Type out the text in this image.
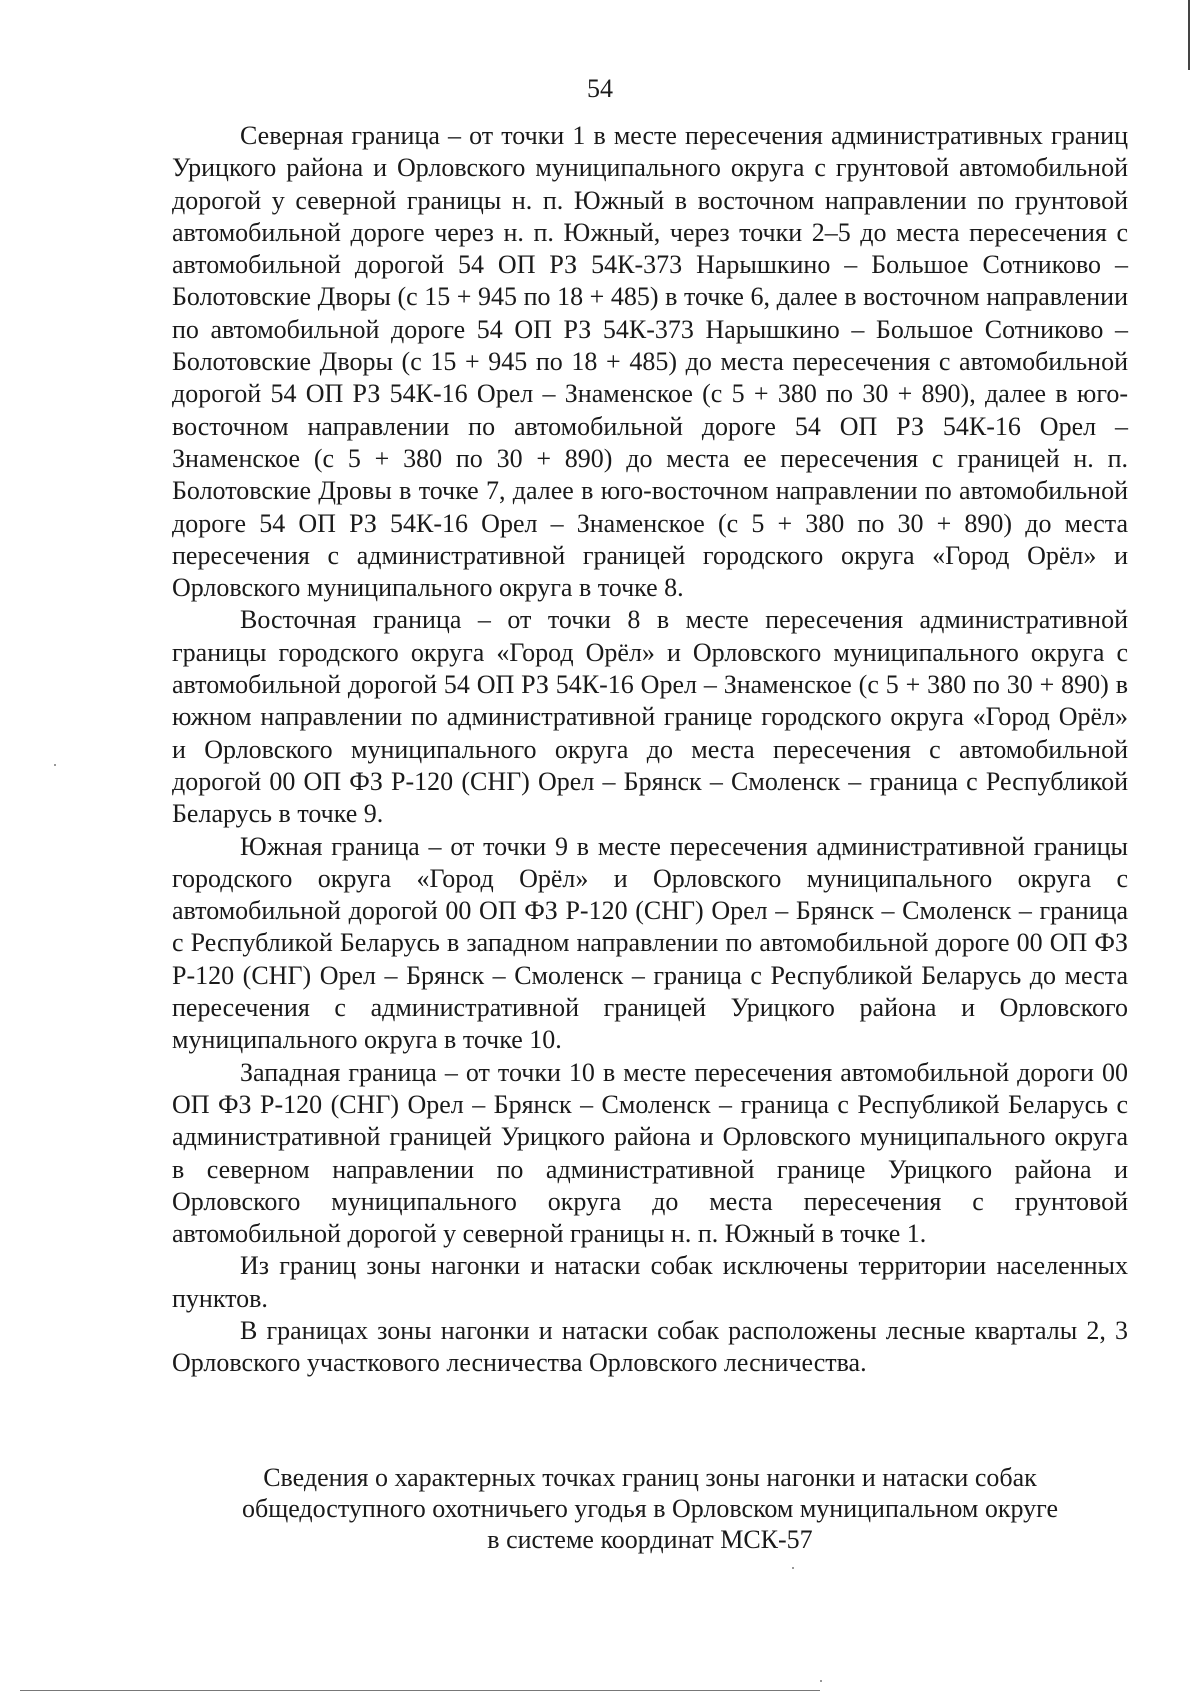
54

Северная граница – от точки 1 в месте пересечения административных границ Урицкого района и Орловского муниципального округа с грунтовой автомобильной дорогой у северной границы н. п. Южный в восточном направлении по грунтовой автомобильной дороге через н. п. Южный, через точки 2–5 до места пересечения с автомобильной дорогой 54 ОП РЗ 54К-373 Нарышкино – Большое Сотниково – Болотовские Дворы (с 15 + 945 по 18 + 485) в точке 6, далее в восточном направлении по автомобильной дороге 54 ОП РЗ 54К-373 Нарышкино – Большое Сотниково – Болотовские Дворы (с 15 + 945 по 18 + 485) до места пересечения с автомобильной дорогой 54 ОП РЗ 54К-16 Орел – Знаменское (с 5 + 380 по 30 + 890), далее в юго-восточном направлении по автомобильной дороге 54 ОП РЗ 54К-16 Орел – Знаменское (с 5 + 380 по 30 + 890) до места ее пересечения с границей н. п. Болотовские Дровы в точке 7, далее в юго-восточном направлении по автомобильной дороге 54 ОП РЗ 54К-16 Орел – Знаменское (с 5 + 380 по 30 + 890) до места пересечения с административной границей городского округа «Город Орёл» и Орловского муниципального округа в точке 8.

Восточная граница – от точки 8 в месте пересечения административной границы городского округа «Город Орёл» и Орловского муниципального округа с автомобильной дорогой 54 ОП РЗ 54К-16 Орел – Знаменское (с 5 + 380 по 30 + 890) в южном направлении по административной границе городского округа «Город Орёл» и Орловского муниципального округа до места пересечения с автомобильной дорогой 00 ОП ФЗ Р-120 (СНГ) Орел – Брянск – Смоленск – граница с Республикой Беларусь в точке 9.

Южная граница – от точки 9 в месте пересечения административной границы городского округа «Город Орёл» и Орловского муниципального округа с автомобильной дорогой 00 ОП ФЗ Р-120 (СНГ) Орел – Брянск – Смоленск – граница с Республикой Беларусь в западном направлении по автомобильной дороге 00 ОП ФЗ Р-120 (СНГ) Орел – Брянск – Смоленск – граница с Республикой Беларусь до места пересечения с административной границей Урицкого района и Орловского муниципального округа в точке 10.

Западная граница – от точки 10 в месте пересечения автомобильной дороги 00 ОП ФЗ Р-120 (СНГ) Орел – Брянск – Смоленск – граница с Республикой Беларусь с административной границей Урицкого района и Орловского муниципального округа в северном направлении по административной границе Урицкого района и Орловского муниципального округа до места пересечения с грунтовой автомобильной дорогой у северной границы н. п. Южный в точке 1.

Из границ зоны нагонки и натаски собак исключены территории населенных пунктов.

В границах зоны нагонки и натаски собак расположены лесные кварталы 2, 3 Орловского участкового лесничества Орловского лесничества.

Сведения о характерных точках границ зоны нагонки и натаски собак
общедоступного охотничьего угодья в Орловском муниципальном округе
в системе координат МСК-57
